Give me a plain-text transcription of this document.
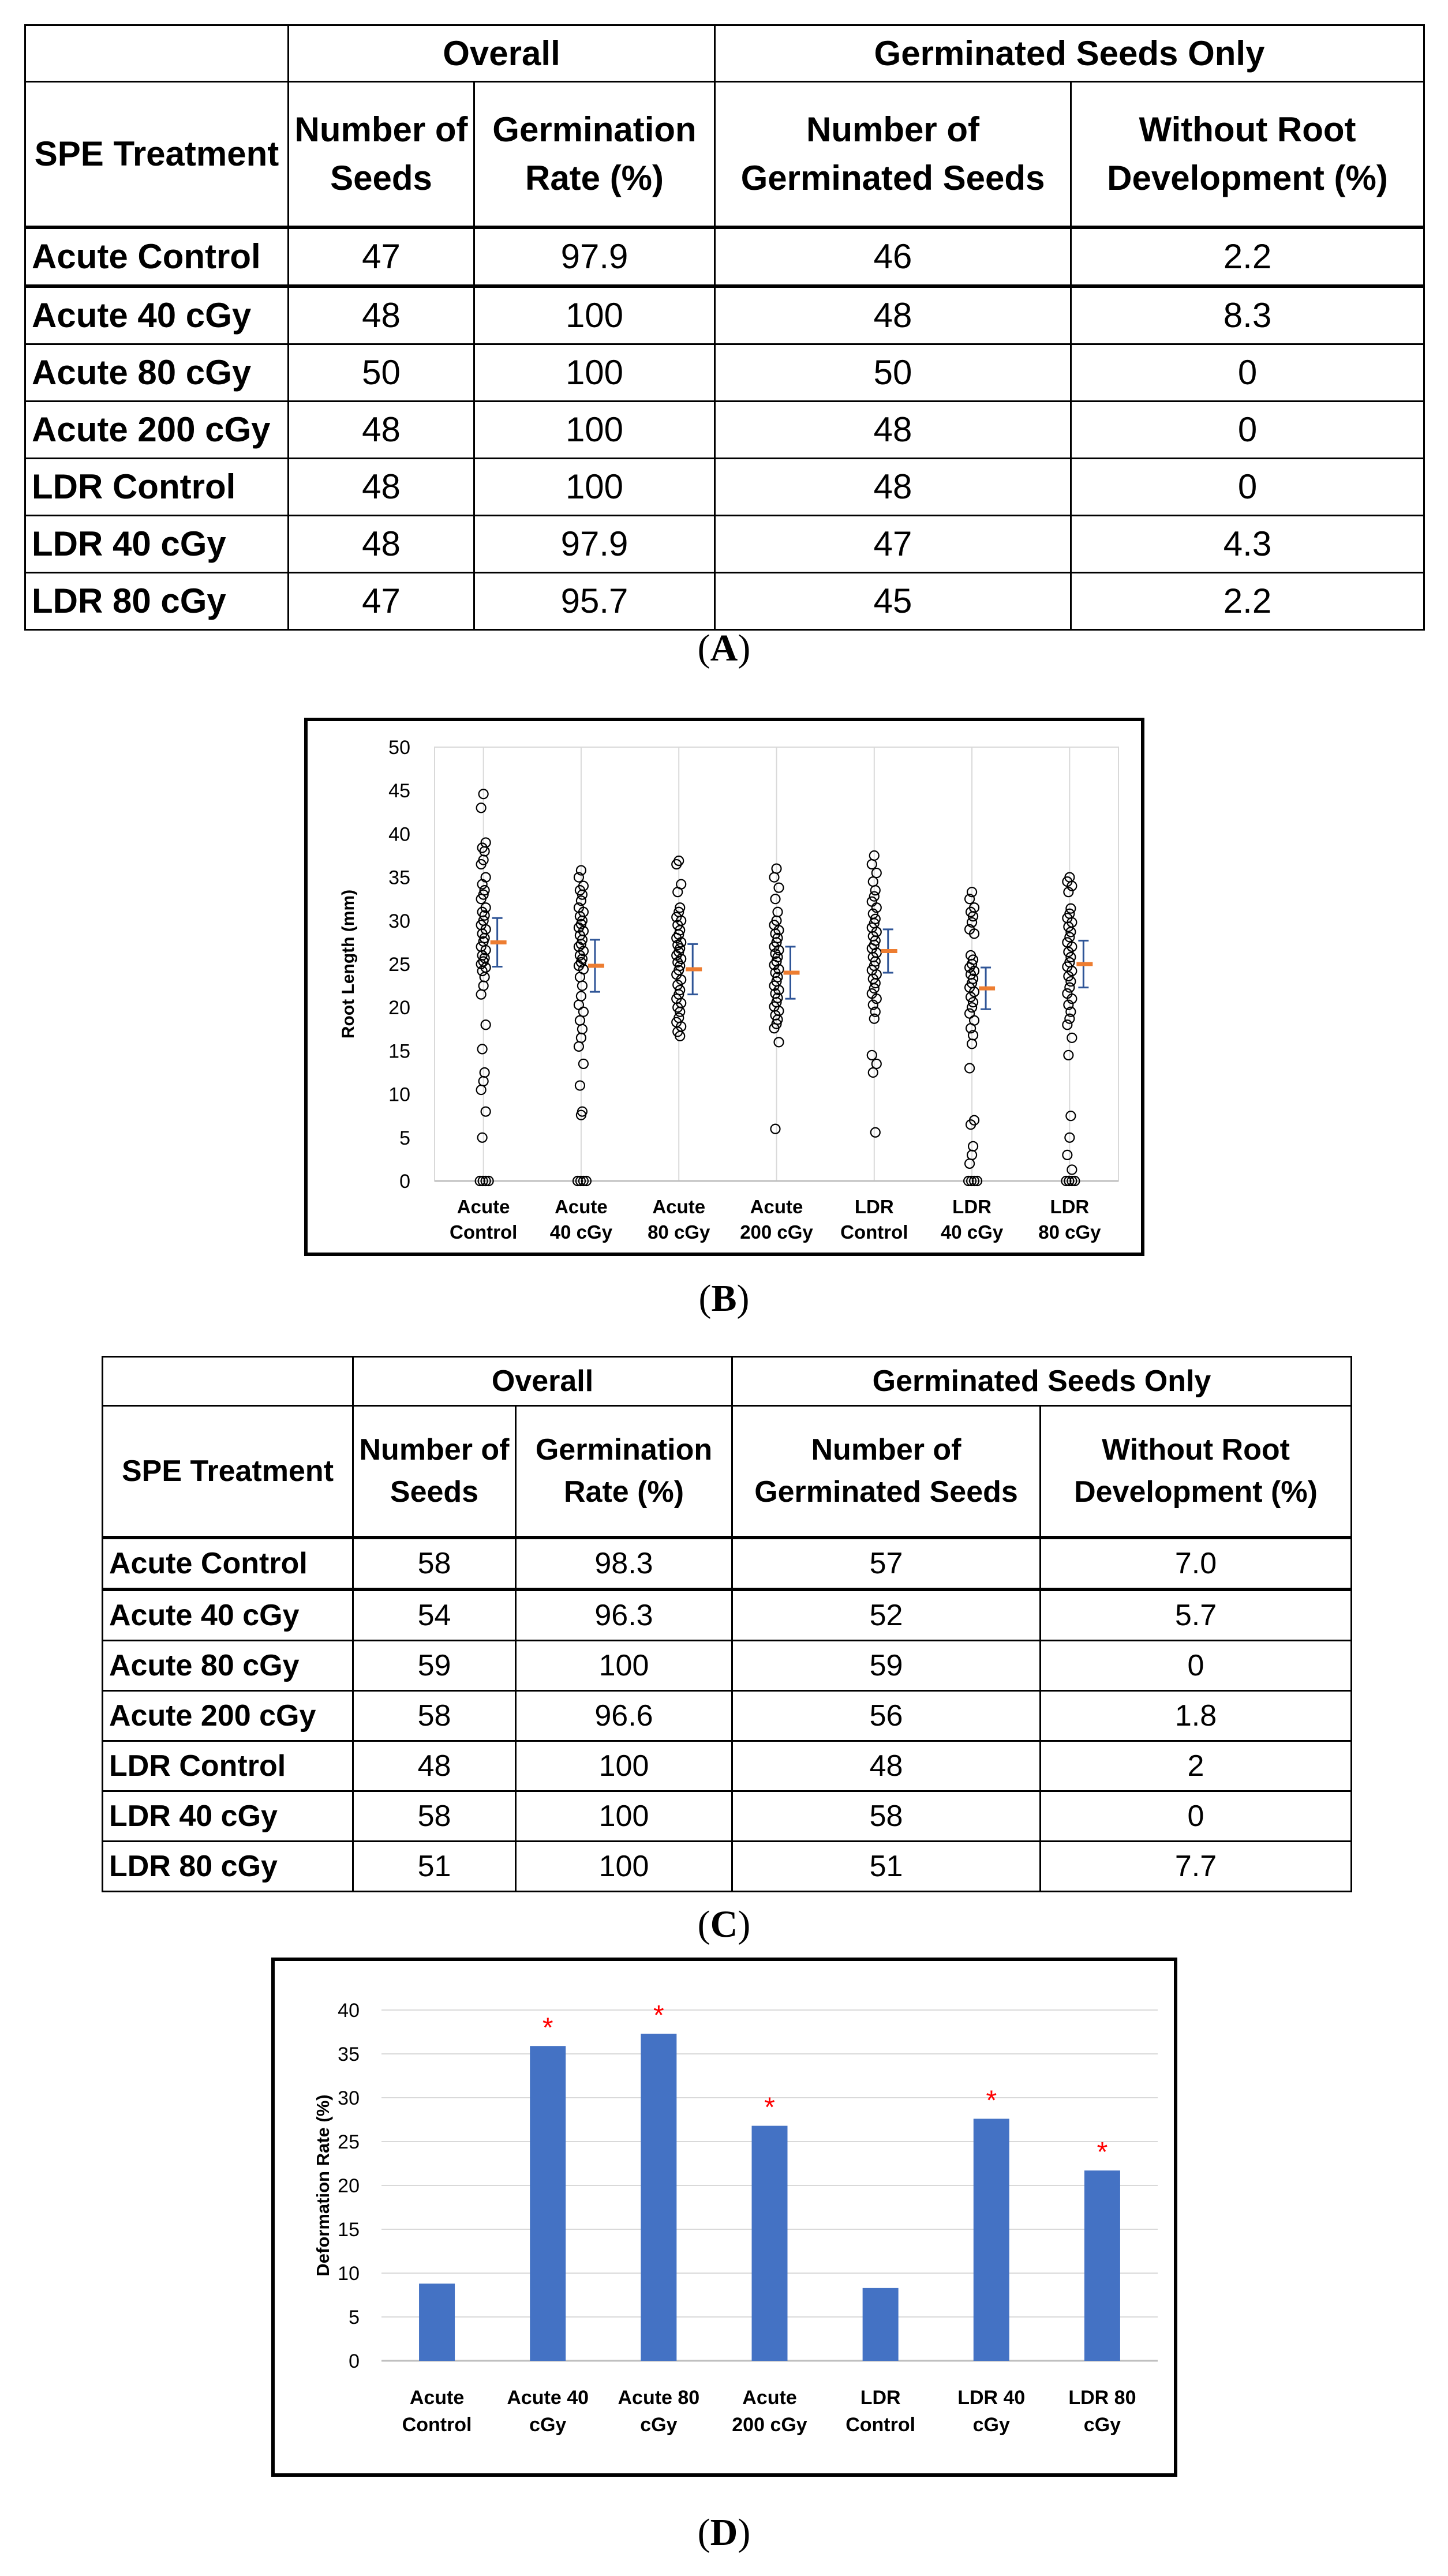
	Overall		Germinated Seeds Only	
SPE Treatment	Number of Seeds	Germination Rate (%)	Number of Germinated Seeds	Without Root Development (%)
Acute Control	47	97.9	46	2.2
Acute 40 cGy	48	100	48	8.3
Acute 80 cGy	50	100	50	0
Acute 200 cGy	48	100	48	0
LDR Control	48	100	48	0
LDR 40 cGy	48	97.9	47	4.3
LDR 80 cGy	47	95.7	45	2.2
(A)
0
5
10
15
20
25
30
35
40
45
50
Root Length (mm)
Acute
Control
Acute
40 cGy
Acute
80 cGy
Acute
200 cGy
LDR
Control
LDR
40 cGy
LDR
80 cGy
(B)
	Overall		Germinated Seeds Only	
SPE Treatment	Number of Seeds	Germination Rate (%)	Number of Germinated Seeds	Without Root Development (%)
Acute Control	58	98.3	57	7.0
Acute 40 cGy	54	96.3	52	5.7
Acute 80 cGy	59	100	59	0
Acute 200 cGy	58	96.6	56	1.8
LDR Control	48	100	48	2
LDR 40 cGy	58	100	58	0
LDR 80 cGy	51	100	51	7.7
(C)
0
5
10
15
20
25
30
35
40
Deformation Rate (%)
Acute
Control
*
Acute 40
cGy
*
Acute 80
cGy
*
Acute
200 cGy
LDR
Control
*
LDR 40
cGy
*
LDR 80
cGy
(D)
